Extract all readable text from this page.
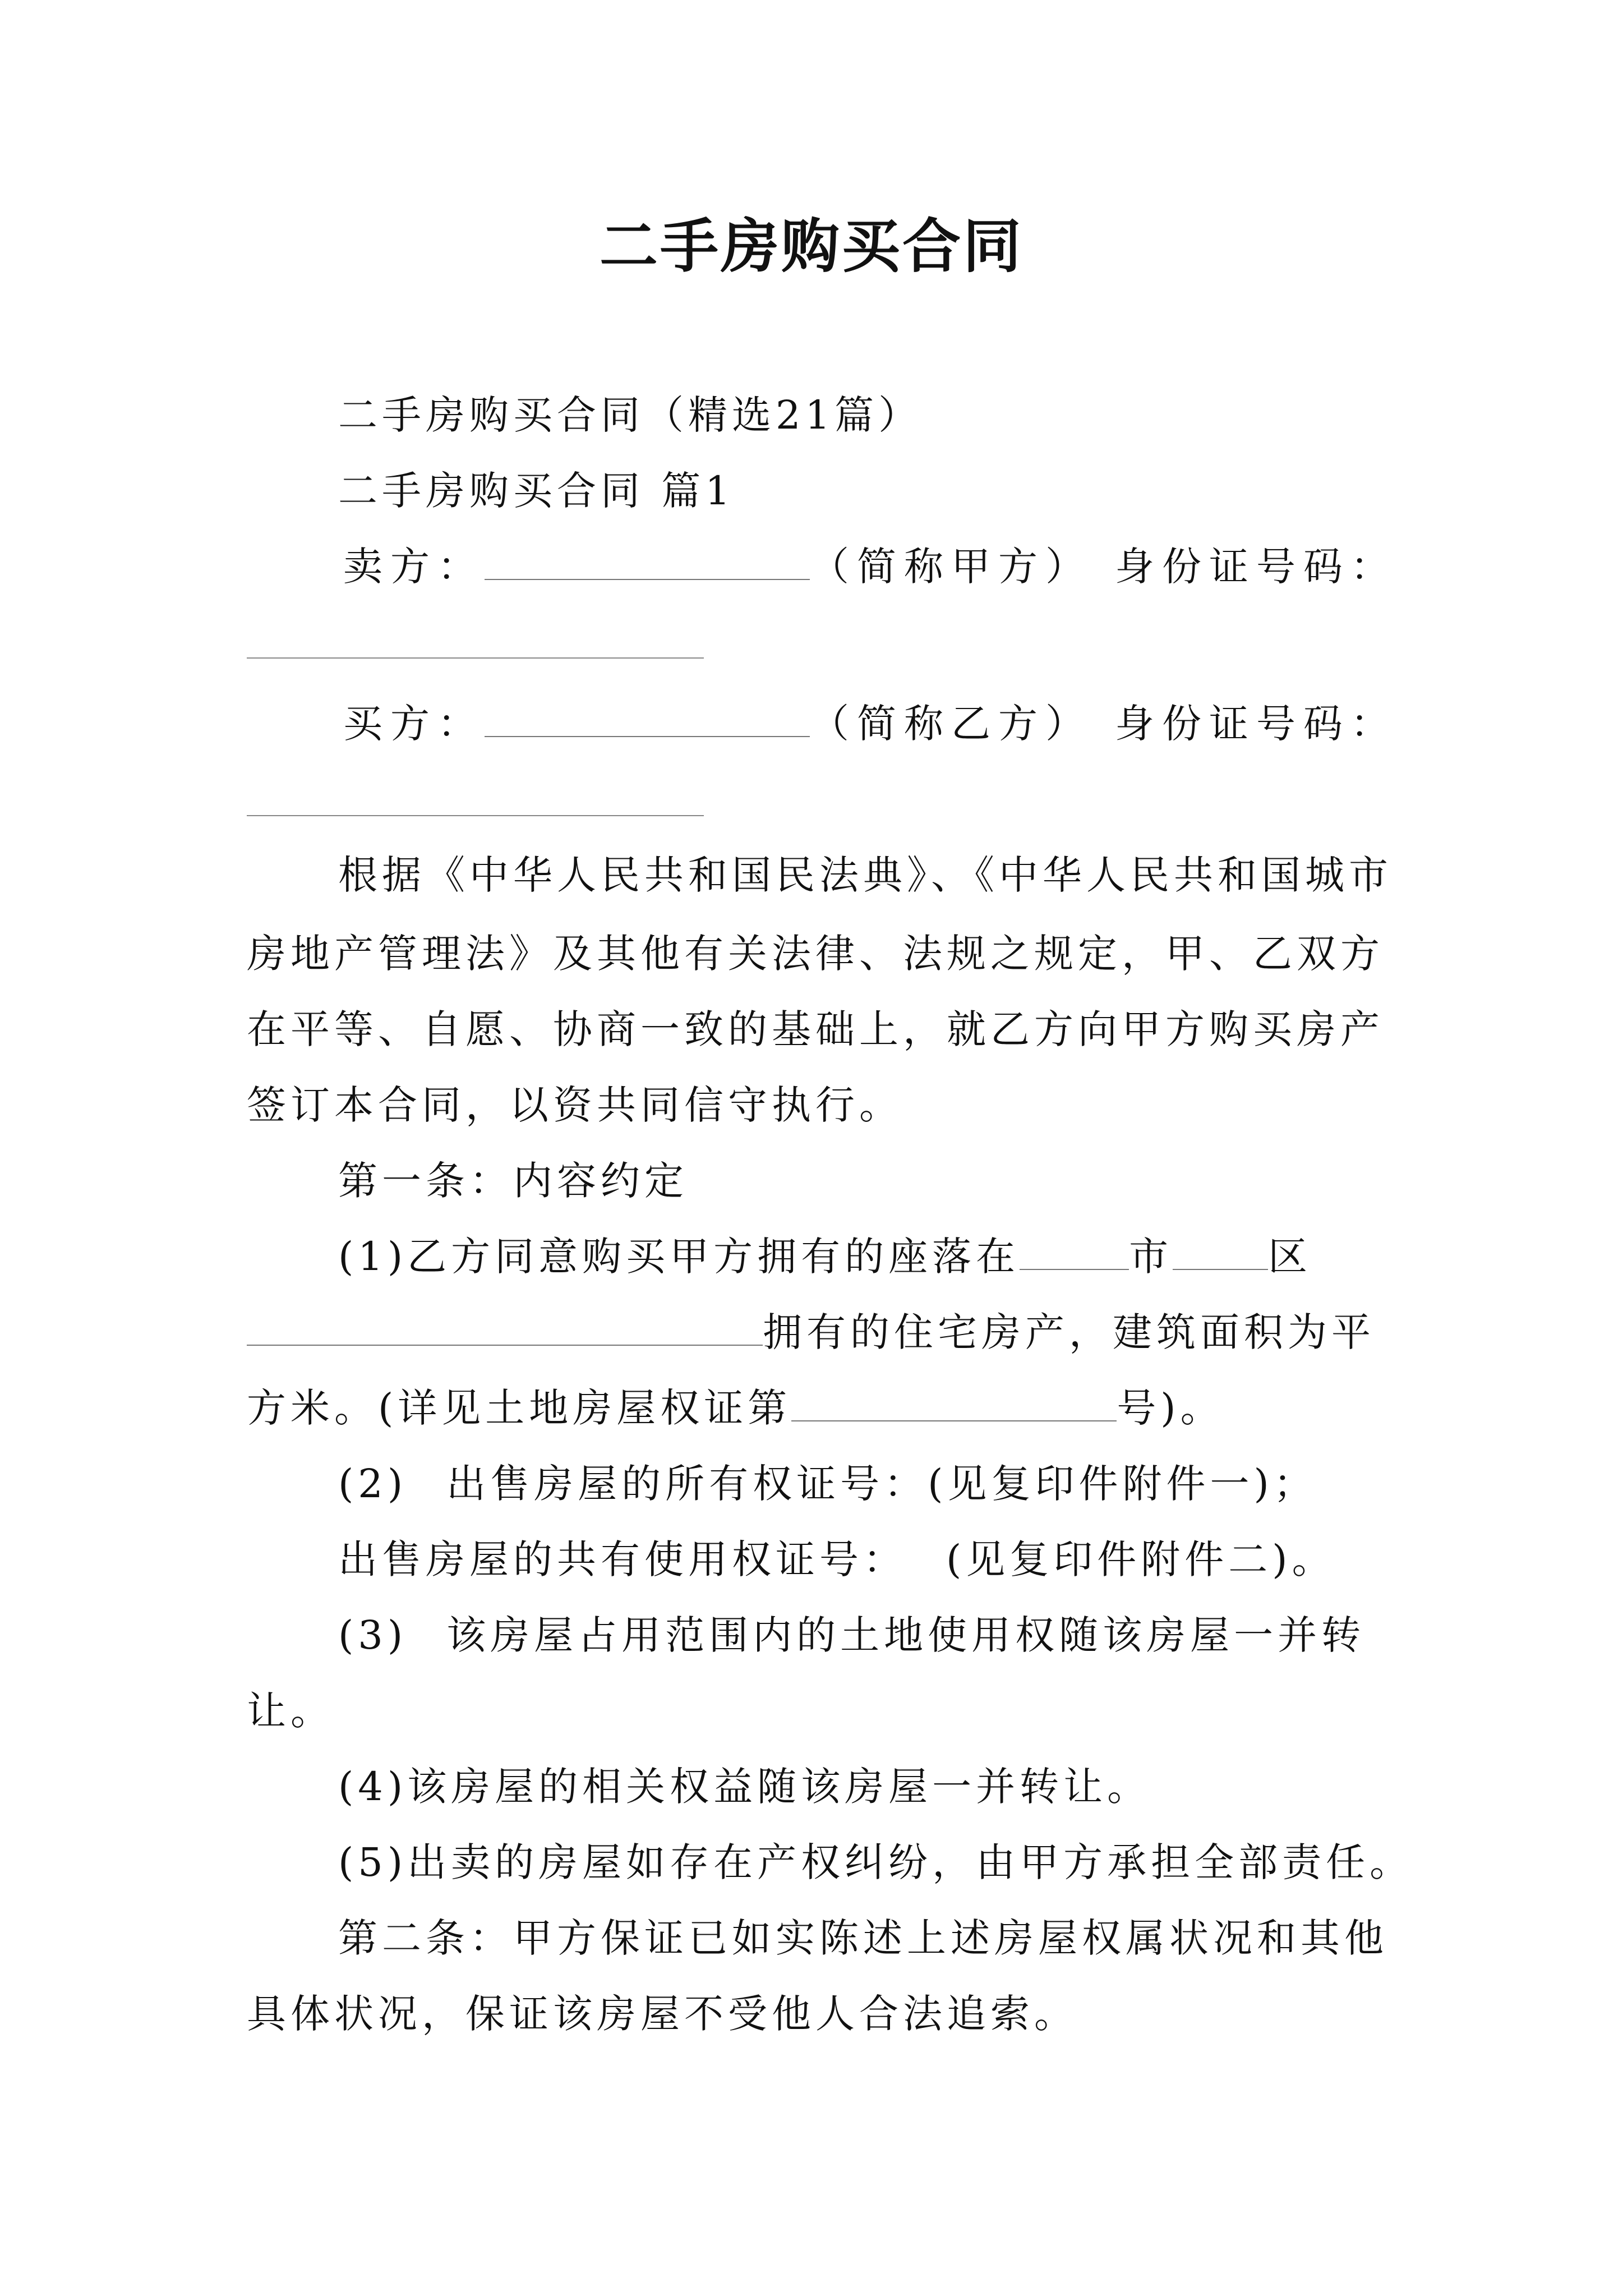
二手房购买合同
二手房购买合同（精选21篇）
二手房购买合同 篇1
卖方：	（简称甲方） 身份证号码：
买方：	（简称乙方） 身份证号码：
根据《中华人民共和国民法典》、《中华人民共和国城市
房地产管理法》及其他有关法律、法规之规定，甲、乙双方
在平等、自愿、协商一致的基础上，就乙方向甲方购买房产
签订本合同，以资共同信守执行。
第一条：内容约定
(1)乙方同意购买甲方拥有的座落在	市 区
拥有的住宅房产，建筑面积为平
方米。(详见土地房屋权证第	号)。
(2) 出售房屋的所有权证号：(见复印件附件一)；
出售房屋的共有使用权证号： (见复印件附件二)。
(3) 该房屋占用范围内的土地使用权随该房屋一并转
让。
(4)该房屋的相关权益随该房屋一并转让。
(5)出卖的房屋如存在产权纠纷，由甲方承担全部责任。
第二条：甲方保证已如实陈述上述房屋权属状况和其他
具体状况，保证该房屋不受他人合法追索。
